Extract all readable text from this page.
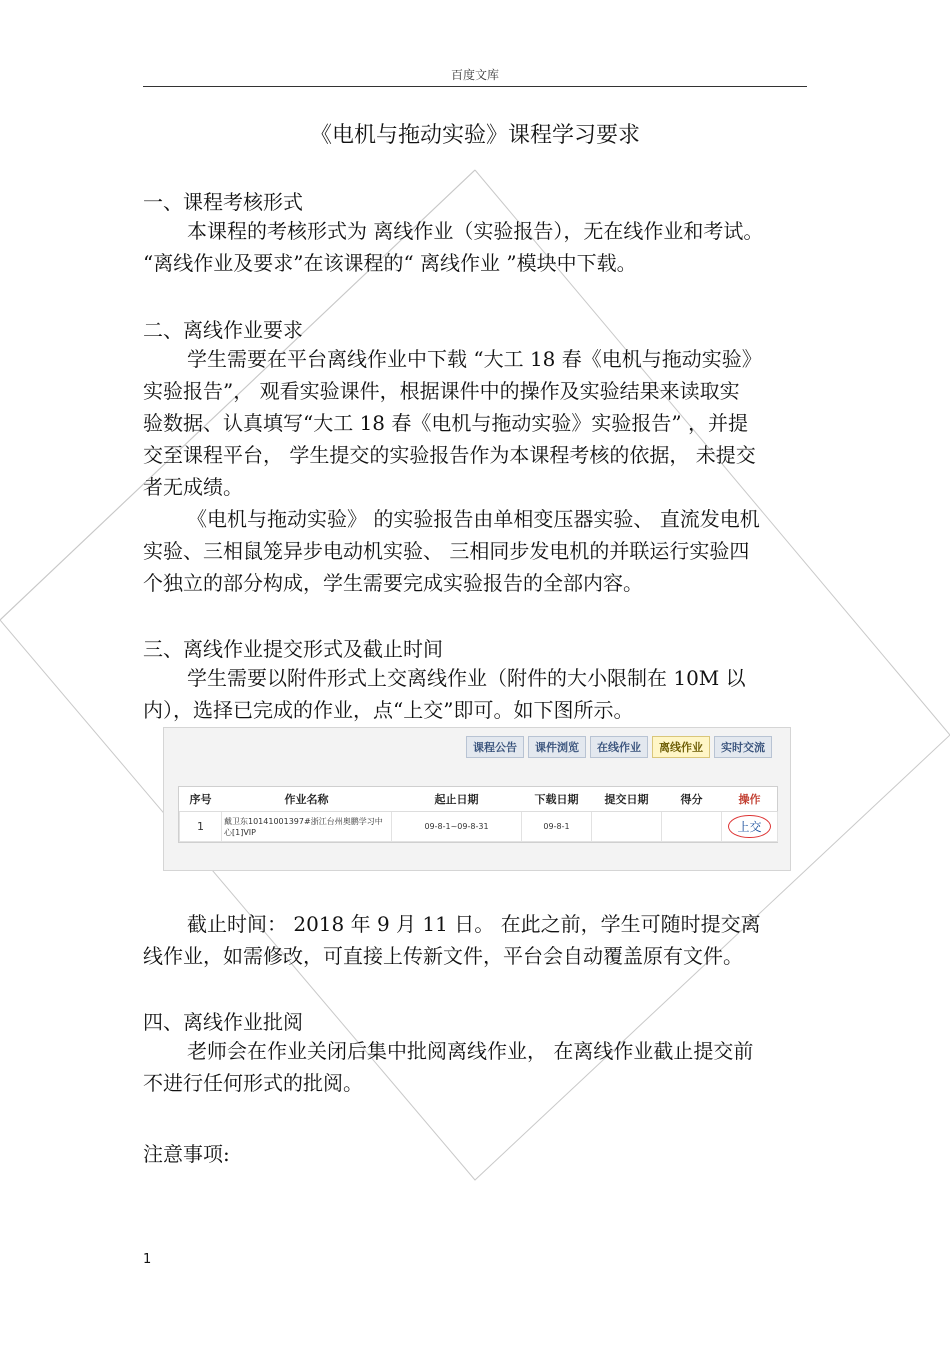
百度文库
《电机与拖动实验》课程学习要求
一、课程考核形式
本课程的考核形式为 离线作业（实验报告），无在线作业和考试。
“离线作业及要求”在该课程的“ 离线作业 ”模块中下载。
二、离线作业要求
学生需要在平台离线作业中下载 “大工 18 春《电机与拖动实验》
实验报告”， 观看实验课件，根据课件中的操作及实验结果来读取实
验数据、认真填写“大工 18 春《电机与拖动实验》实验报告” ，并提
交至课程平台， 学生提交的实验报告作为本课程考核的依据， 未提交
者无成绩。
《电机与拖动实验》 的实验报告由单相变压器实验、 直流发电机
实验、三相鼠笼异步电动机实验、 三相同步发电机的并联运行实验四
个独立的部分构成，学生需要完成实验报告的全部内容。
三、离线作业提交形式及截止时间
学生需要以附件形式上交离线作业（附件的大小限制在 10M 以
内），选择已完成的作业，点“上交”即可。如下图所示。
课程公告	课件浏览	在线作业	离线作业	实时交流
序号	作业名称	起止日期	下载日期	提交日期	得分	操作
1	戴卫东10141001397#浙江台州奥鹏学习中心[1]VIP	09-8-1~09-8-31	09-8-1			上交
截止时间： 2018 年 9 月 11 日。 在此之前，学生可随时提交离
线作业，如需修改，可直接上传新文件，平台会自动覆盖原有文件。
四、离线作业批阅
老师会在作业关闭后集中批阅离线作业， 在离线作业截止提交前
不进行任何形式的批阅。
注意事项:
1
